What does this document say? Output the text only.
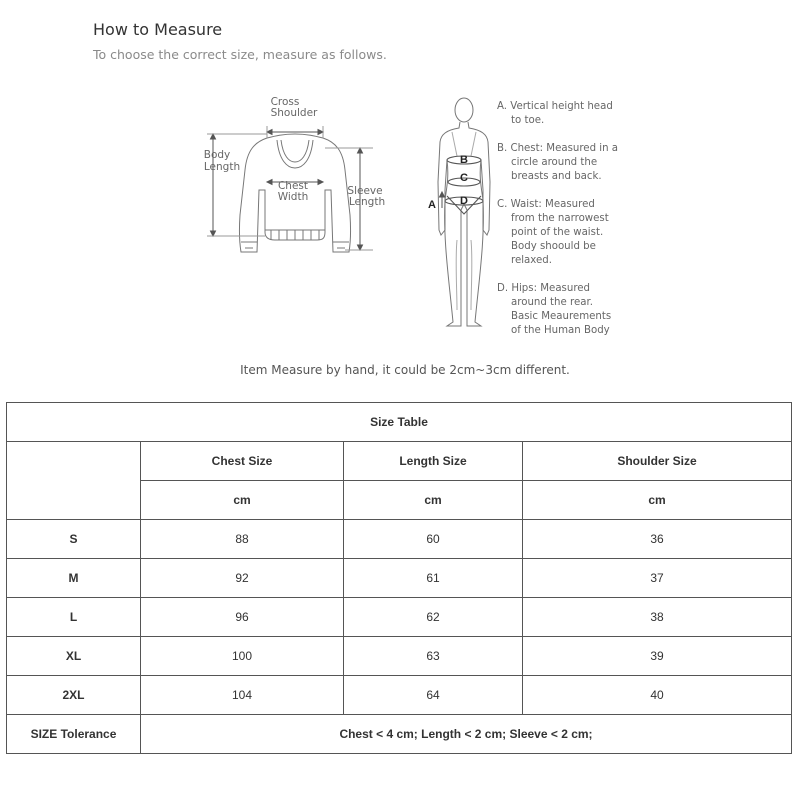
How to Measure
To choose the correct size, measure as follows.
Cross
Shoulder
Body
Length
Chest
Width	Sleeve
Length	A
B
C
D
A. Vertical height head
to toe.
B. Chest: Measured in a
circle around the
breasts and back.
C. Waist: Measured
from the narrowest
point of the waist.
Body shoould be
relaxed.
D. Hips: Measured
around the rear.
Basic Meaurements
of the Human Body
Item Measure by hand, it could be 2cm~3cm different.
Size Table			
	Chest Size	Length Size	Shoulder Size
	cm	cm	cm
S	88	60	36
M	92	61	37
L	96	62	38
XL	100	63	39
2XL	104	64	40
SIZE Tolerance	Chest < 4 cm; Length < 2 cm; Sleeve < 2 cm;		
